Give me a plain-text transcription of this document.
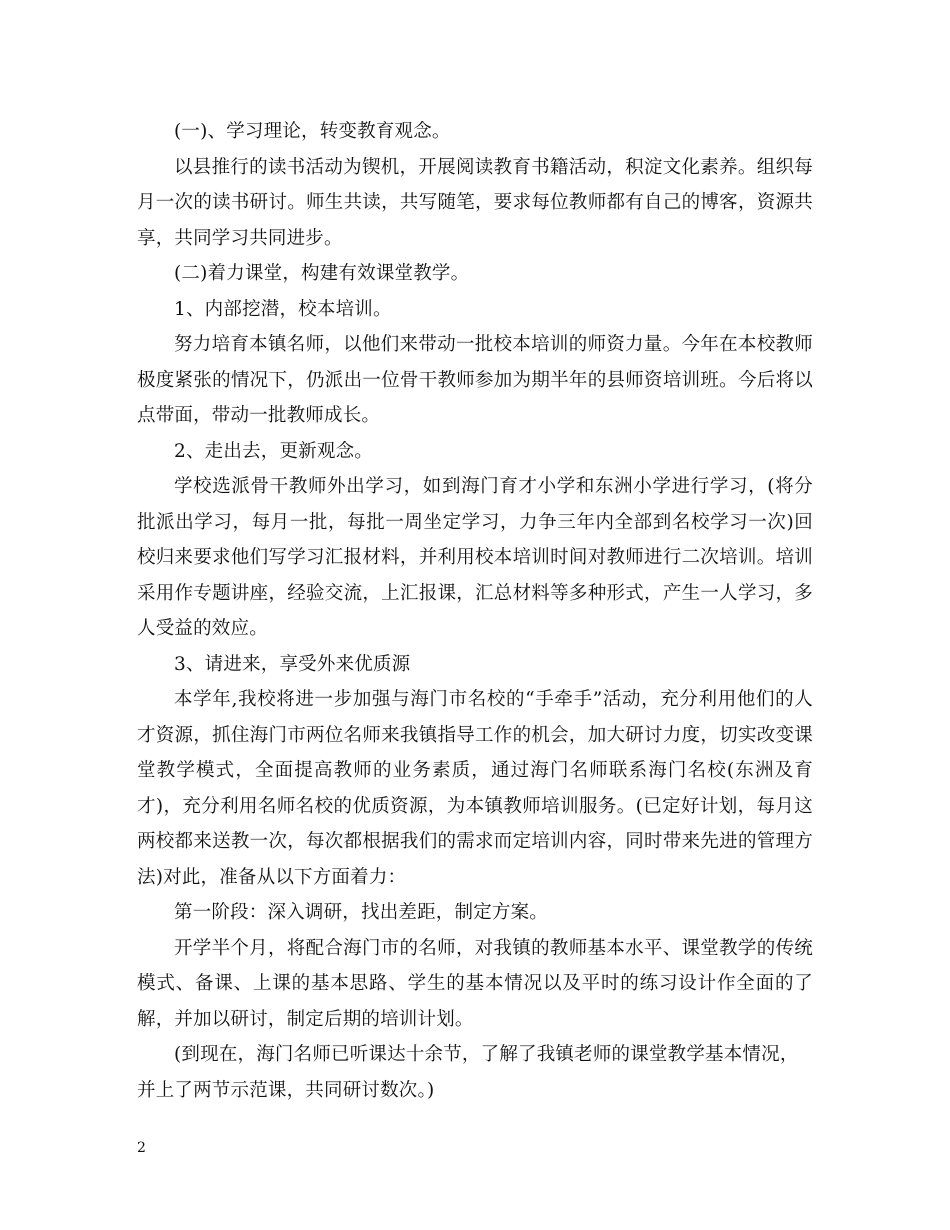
(一)、学习理论，转变教育观念。

以县推行的读书活动为锲机，开展阅读教育书籍活动，积淀文化素养。组织每月一次的读书研讨。师生共读，共写随笔，要求每位教师都有自己的博客，资源共享，共同学习共同进步。

(二)着力课堂，构建有效课堂教学。

1、内部挖潜，校本培训。

努力培育本镇名师，以他们来带动一批校本培训的师资力量。今年在本校教师极度紧张的情况下，仍派出一位骨干教师参加为期半年的县师资培训班。今后将以点带面，带动一批教师成长。

2、走出去，更新观念。

学校选派骨干教师外出学习，如到海门育才小学和东洲小学进行学习，(将分批派出学习，每月一批，每批一周坐定学习，力争三年内全部到名校学习一次)回校归来要求他们写学习汇报材料，并利用校本培训时间对教师进行二次培训。培训采用作专题讲座，经验交流，上汇报课，汇总材料等多种形式，产生一人学习，多人受益的效应。

3、请进来，享受外来优质源

本学年,我校将进一步加强与海门市名校的“手牵手”活动，充分利用他们的人才资源，抓住海门市两位名师来我镇指导工作的机会，加大研讨力度，切实改变课堂教学模式，全面提高教师的业务素质，通过海门名师联系海门名校(东洲及育才)，充分利用名师名校的优质资源，为本镇教师培训服务。(已定好计划，每月这两校都来送教一次，每次都根据我们的需求而定培训内容，同时带来先进的管理方法)对此，准备从以下方面着力：

第一阶段：深入调研，找出差距，制定方案。

开学半个月，将配合海门市的名师，对我镇的教师基本水平、课堂教学的传统模式、备课、上课的基本思路、学生的基本情况以及平时的练习设计作全面的了解，并加以研讨，制定后期的培训计划。

(到现在，海门名师已听课达十余节，了解了我镇老师的课堂教学基本情况，并上了两节示范课，共同研讨数次。)

2
